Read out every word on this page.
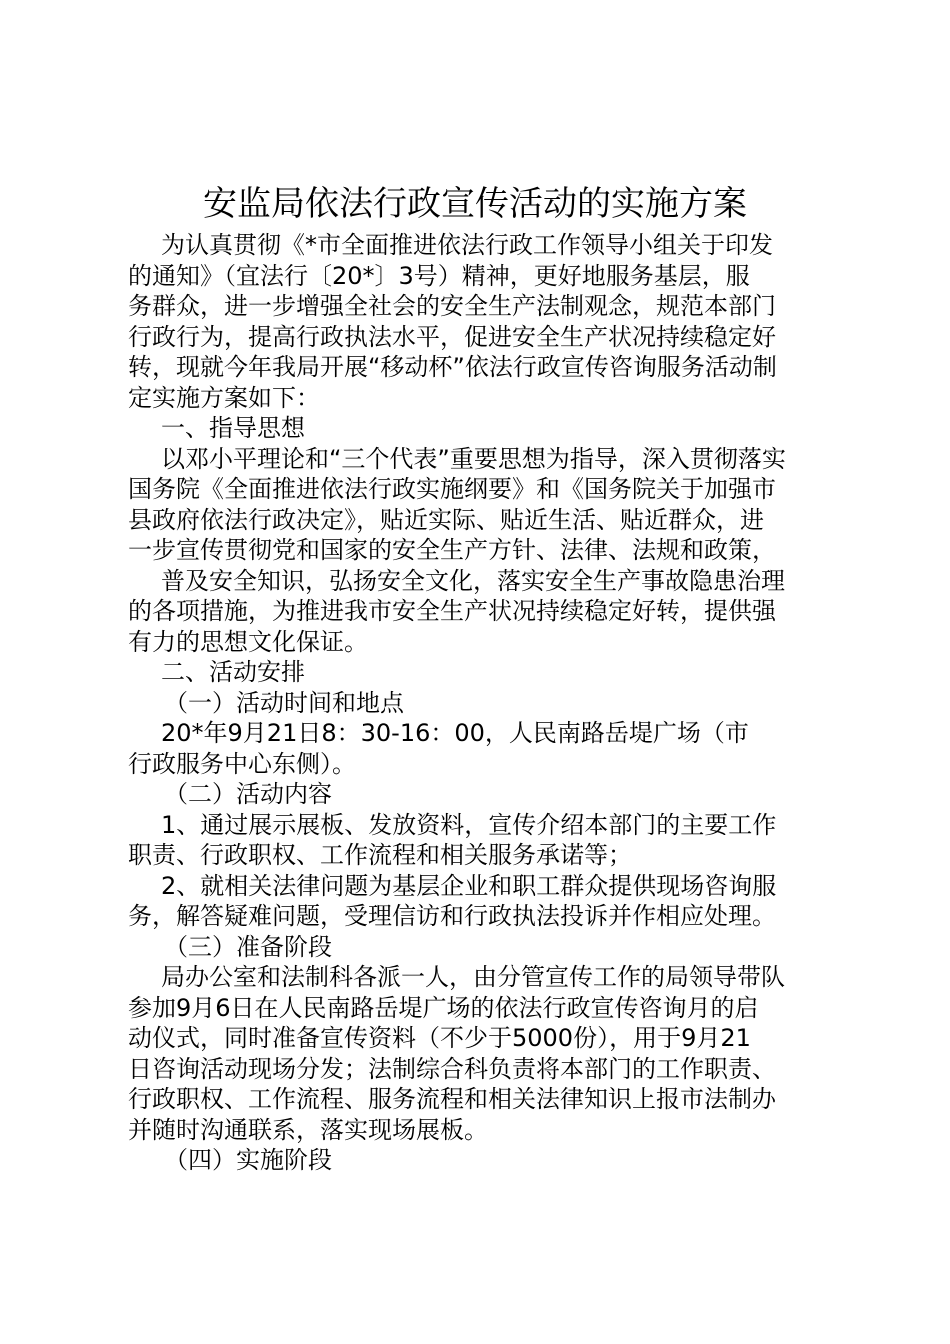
安监局依法行政宣传活动的实施方案
为认真贯彻《*市全面推进依法行政工作领导小组关于印发
的通知》（宜法行〔20*〕3号）精神，更好地服务基层，服
务群众，进一步增强全社会的安全生产法制观念，规范本部门
行政行为，提高行政执法水平，促进安全生产状况持续稳定好
转，现就今年我局开展“移动杯”依法行政宣传咨询服务活动制
定实施方案如下：
一、指导思想
以邓小平理论和“三个代表”重要思想为指导，深入贯彻落实
国务院《全面推进依法行政实施纲要》和《国务院关于加强市
县政府依法行政决定》，贴近实际、贴近生活、贴近群众，进
一步宣传贯彻党和国家的安全生产方针、法律、法规和政策，
普及安全知识，弘扬安全文化，落实安全生产事故隐患治理
的各项措施，为推进我市安全生产状况持续稳定好转，提供强
有力的思想文化保证。
二、活动安排
（一）活动时间和地点
20*年9月21日8：30-16：00，人民南路岳堤广场（市
行政服务中心东侧）。
（二）活动内容
1、通过展示展板、发放资料，宣传介绍本部门的主要工作
职责、行政职权、工作流程和相关服务承诺等；
2、就相关法律问题为基层企业和职工群众提供现场咨询服
务，解答疑难问题，受理信访和行政执法投诉并作相应处理。
（三）准备阶段
局办公室和法制科各派一人，由分管宣传工作的局领导带队
参加9月6日在人民南路岳堤广场的依法行政宣传咨询月的启
动仪式，同时准备宣传资料（不少于5000份），用于9月21
日咨询活动现场分发；法制综合科负责将本部门的工作职责、
行政职权、工作流程、服务流程和相关法律知识上报市法制办
并随时沟通联系，落实现场展板。
（四）实施阶段
